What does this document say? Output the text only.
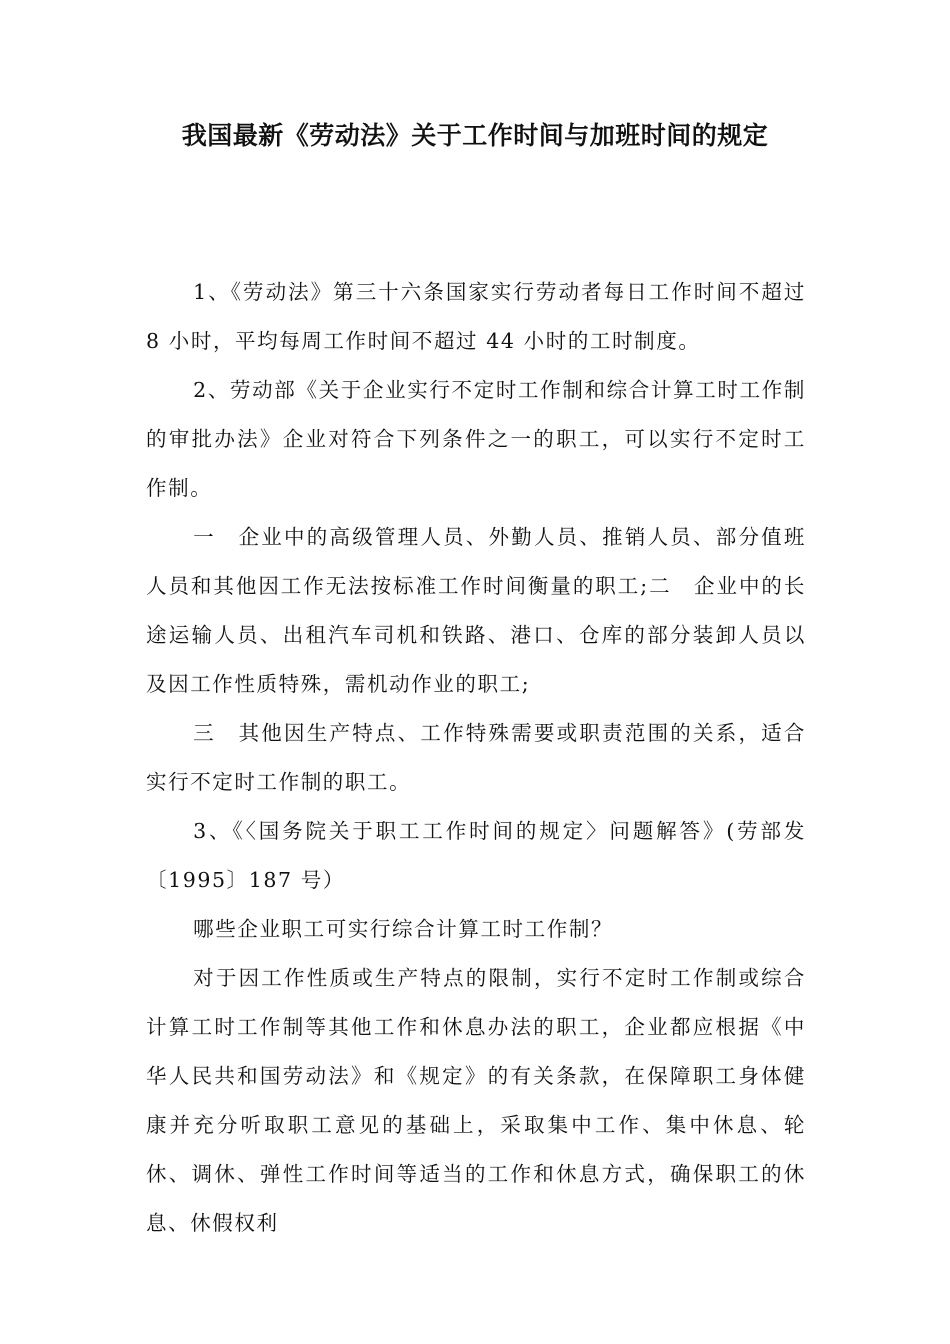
我国最新《劳动法》关于工作时间与加班时间的规定

1、《劳动法》第三十六条国家实行劳动者每日工作时间不超过 8 小时，平均每周工作时间不超过 44 小时的工时制度。

2、劳动部《关于企业实行不定时工作制和综合计算工时工作制的审批办法》企业对符合下列条件之一的职工，可以实行不定时工作制。

一　企业中的高级管理人员、外勤人员、推销人员、部分值班人员和其他因工作无法按标准工作时间衡量的职工;二　企业中的长途运输人员、出租汽车司机和铁路、港口、仓库的部分装卸人员以及因工作性质特殊，需机动作业的职工;

三　其他因生产特点、工作特殊需要或职责范围的关系，适合实行不定时工作制的职工。

3、《〈国务院关于职工工作时间的规定〉问题解答》(劳部发〔1995〕187 号）

哪些企业职工可实行综合计算工时工作制？

对于因工作性质或生产特点的限制，实行不定时工作制或综合计算工时工作制等其他工作和休息办法的职工，企业都应根据《中华人民共和国劳动法》和《规定》的有关条款，在保障职工身体健康并充分听取职工意见的基础上，采取集中工作、集中休息、轮休、调休、弹性工作时间等适当的工作和休息方式，确保职工的休息、休假权利
